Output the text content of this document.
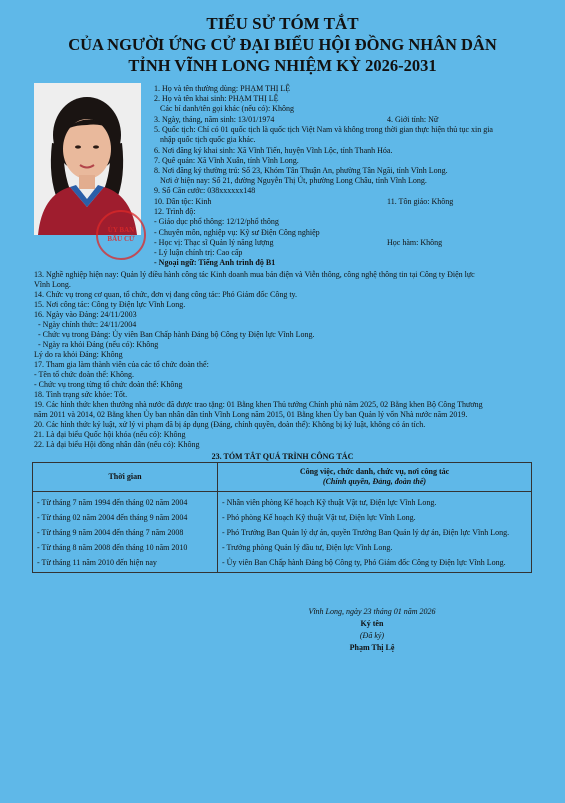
TIỂU SỬ TÓM TẮT
CỦA NGƯỜI ỨNG CỬ ĐẠI BIỂU HỘI ĐỒNG NHÂN DÂN
TỈNH VĨNH LONG NHIỆM KỲ 2026-2031
ỦY BAN
BẦU CỬ
1. Họ và tên thường dùng: PHẠM THỊ LỆ
2. Họ và tên khai sinh: PHẠM THỊ LỆ
Các bí danh/tên gọi khác (nếu có): Không
3. Ngày, tháng, năm sinh: 13/01/1974	4. Giới tính: Nữ
5. Quốc tịch: Chỉ có 01 quốc tịch là quốc tịch Việt Nam và không trong thời gian thực hiện thủ tục xin gia
nhập quốc tịch quốc gia khác.
6. Nơi đăng ký khai sinh: Xã Vĩnh Tiến, huyện Vĩnh Lộc, tỉnh Thanh Hóa.
7. Quê quán: Xã Vĩnh Xuân, tỉnh Vĩnh Long.
8. Nơi đăng ký thường trú: Số 23, Khóm Tân Thuận An, phường Tân Ngãi, tỉnh Vĩnh Long.
Nơi ở hiện nay: Số 21, đường Nguyễn Thị Út, phường Long Châu, tỉnh Vĩnh Long.
9. Số Căn cước: 038xxxxxx148
10. Dân tộc: Kinh	11. Tôn giáo: Không
12. Trình độ:
- Giáo dục phổ thông: 12/12/phổ thông
- Chuyên môn, nghiệp vụ: Kỹ sư Điện Công nghiệp
- Học vị: Thạc sĩ Quản lý năng lượng	Học hàm: Không
- Lý luận chính trị: Cao cấp
- Ngoại ngữ: Tiếng Anh trình độ B1
13. Nghề nghiệp hiện nay: Quản lý điều hành công tác Kinh doanh mua bán điện và Viễn thông, công nghệ thông tin tại Công ty Điện lực
Vĩnh Long.
14. Chức vụ trong cơ quan, tổ chức, đơn vị đang công tác: Phó Giám đốc Công ty.
15. Nơi công tác: Công ty Điện lực Vĩnh Long.
16. Ngày vào Đảng: 24/11/2003
- Ngày chính thức: 24/11/2004
- Chức vụ trong Đảng: Ủy viên Ban Chấp hành Đảng bộ Công ty Điện lực Vĩnh Long.
- Ngày ra khỏi Đảng (nếu có): Không
Lý do ra khỏi Đảng: Không
17. Tham gia làm thành viên của các tổ chức đoàn thể:
- Tên tổ chức đoàn thể: Không.
- Chức vụ trong từng tổ chức đoàn thể: Không
18. Tình trạng sức khỏe: Tốt.
19. Các hình thức khen thưởng nhà nước đã được trao tặng: 01 Bằng khen Thủ tướng Chính phủ năm 2025, 02 Bằng khen Bộ Công Thương
năm 2011 và 2014, 02 Bằng khen Ủy ban nhân dân tỉnh Vĩnh Long năm 2015, 01 Bằng khen Ủy ban Quản lý vốn Nhà nước năm 2019.
20. Các hình thức kỷ luật, xử lý vi phạm đã bị áp dụng (Đảng, chính quyền, đoàn thể): Không bị kỷ luật, không có án tích.
21. Là đại biểu Quốc hội khóa (nếu có): Không
22. Là đại biểu Hội đồng nhân dân (nếu có): Không
23. TÓM TẮT QUÁ TRÌNH CÔNG TÁC
Thời gian	Công việc, chức danh, chức vụ, nơi công tác
(Chính quyền, Đảng, đoàn thể)

- Từ tháng 7 năm 1994 đến tháng 02 năm 2004	- Nhân viên phòng Kế hoạch Kỹ thuật Vật tư, Điện lực Vĩnh Long.
- Từ tháng 02 năm 2004 đến tháng 9 năm 2004	- Phó phòng Kế hoạch Kỹ thuật Vật tư, Điện lực Vĩnh Long.
- Từ tháng 9 năm 2004 đến tháng 7 năm 2008	- Phó Trưởng Ban Quản lý dự án, quyền Trưởng Ban Quản lý dự án, Điện lực Vĩnh Long.
- Từ tháng 8 năm 2008 đến tháng 10 năm 2010	- Trưởng phòng Quản lý đầu tư, Điện lực Vĩnh Long.
- Từ tháng 11 năm 2010 đến hiện nay	- Ủy viên Ban Chấp hành Đảng bộ Công ty, Phó Giám đốc Công ty Điện lực Vĩnh Long.
Vĩnh Long, ngày 23 tháng 01 năm 2026
Ký tên
(Đã ký)
Phạm Thị Lệ
